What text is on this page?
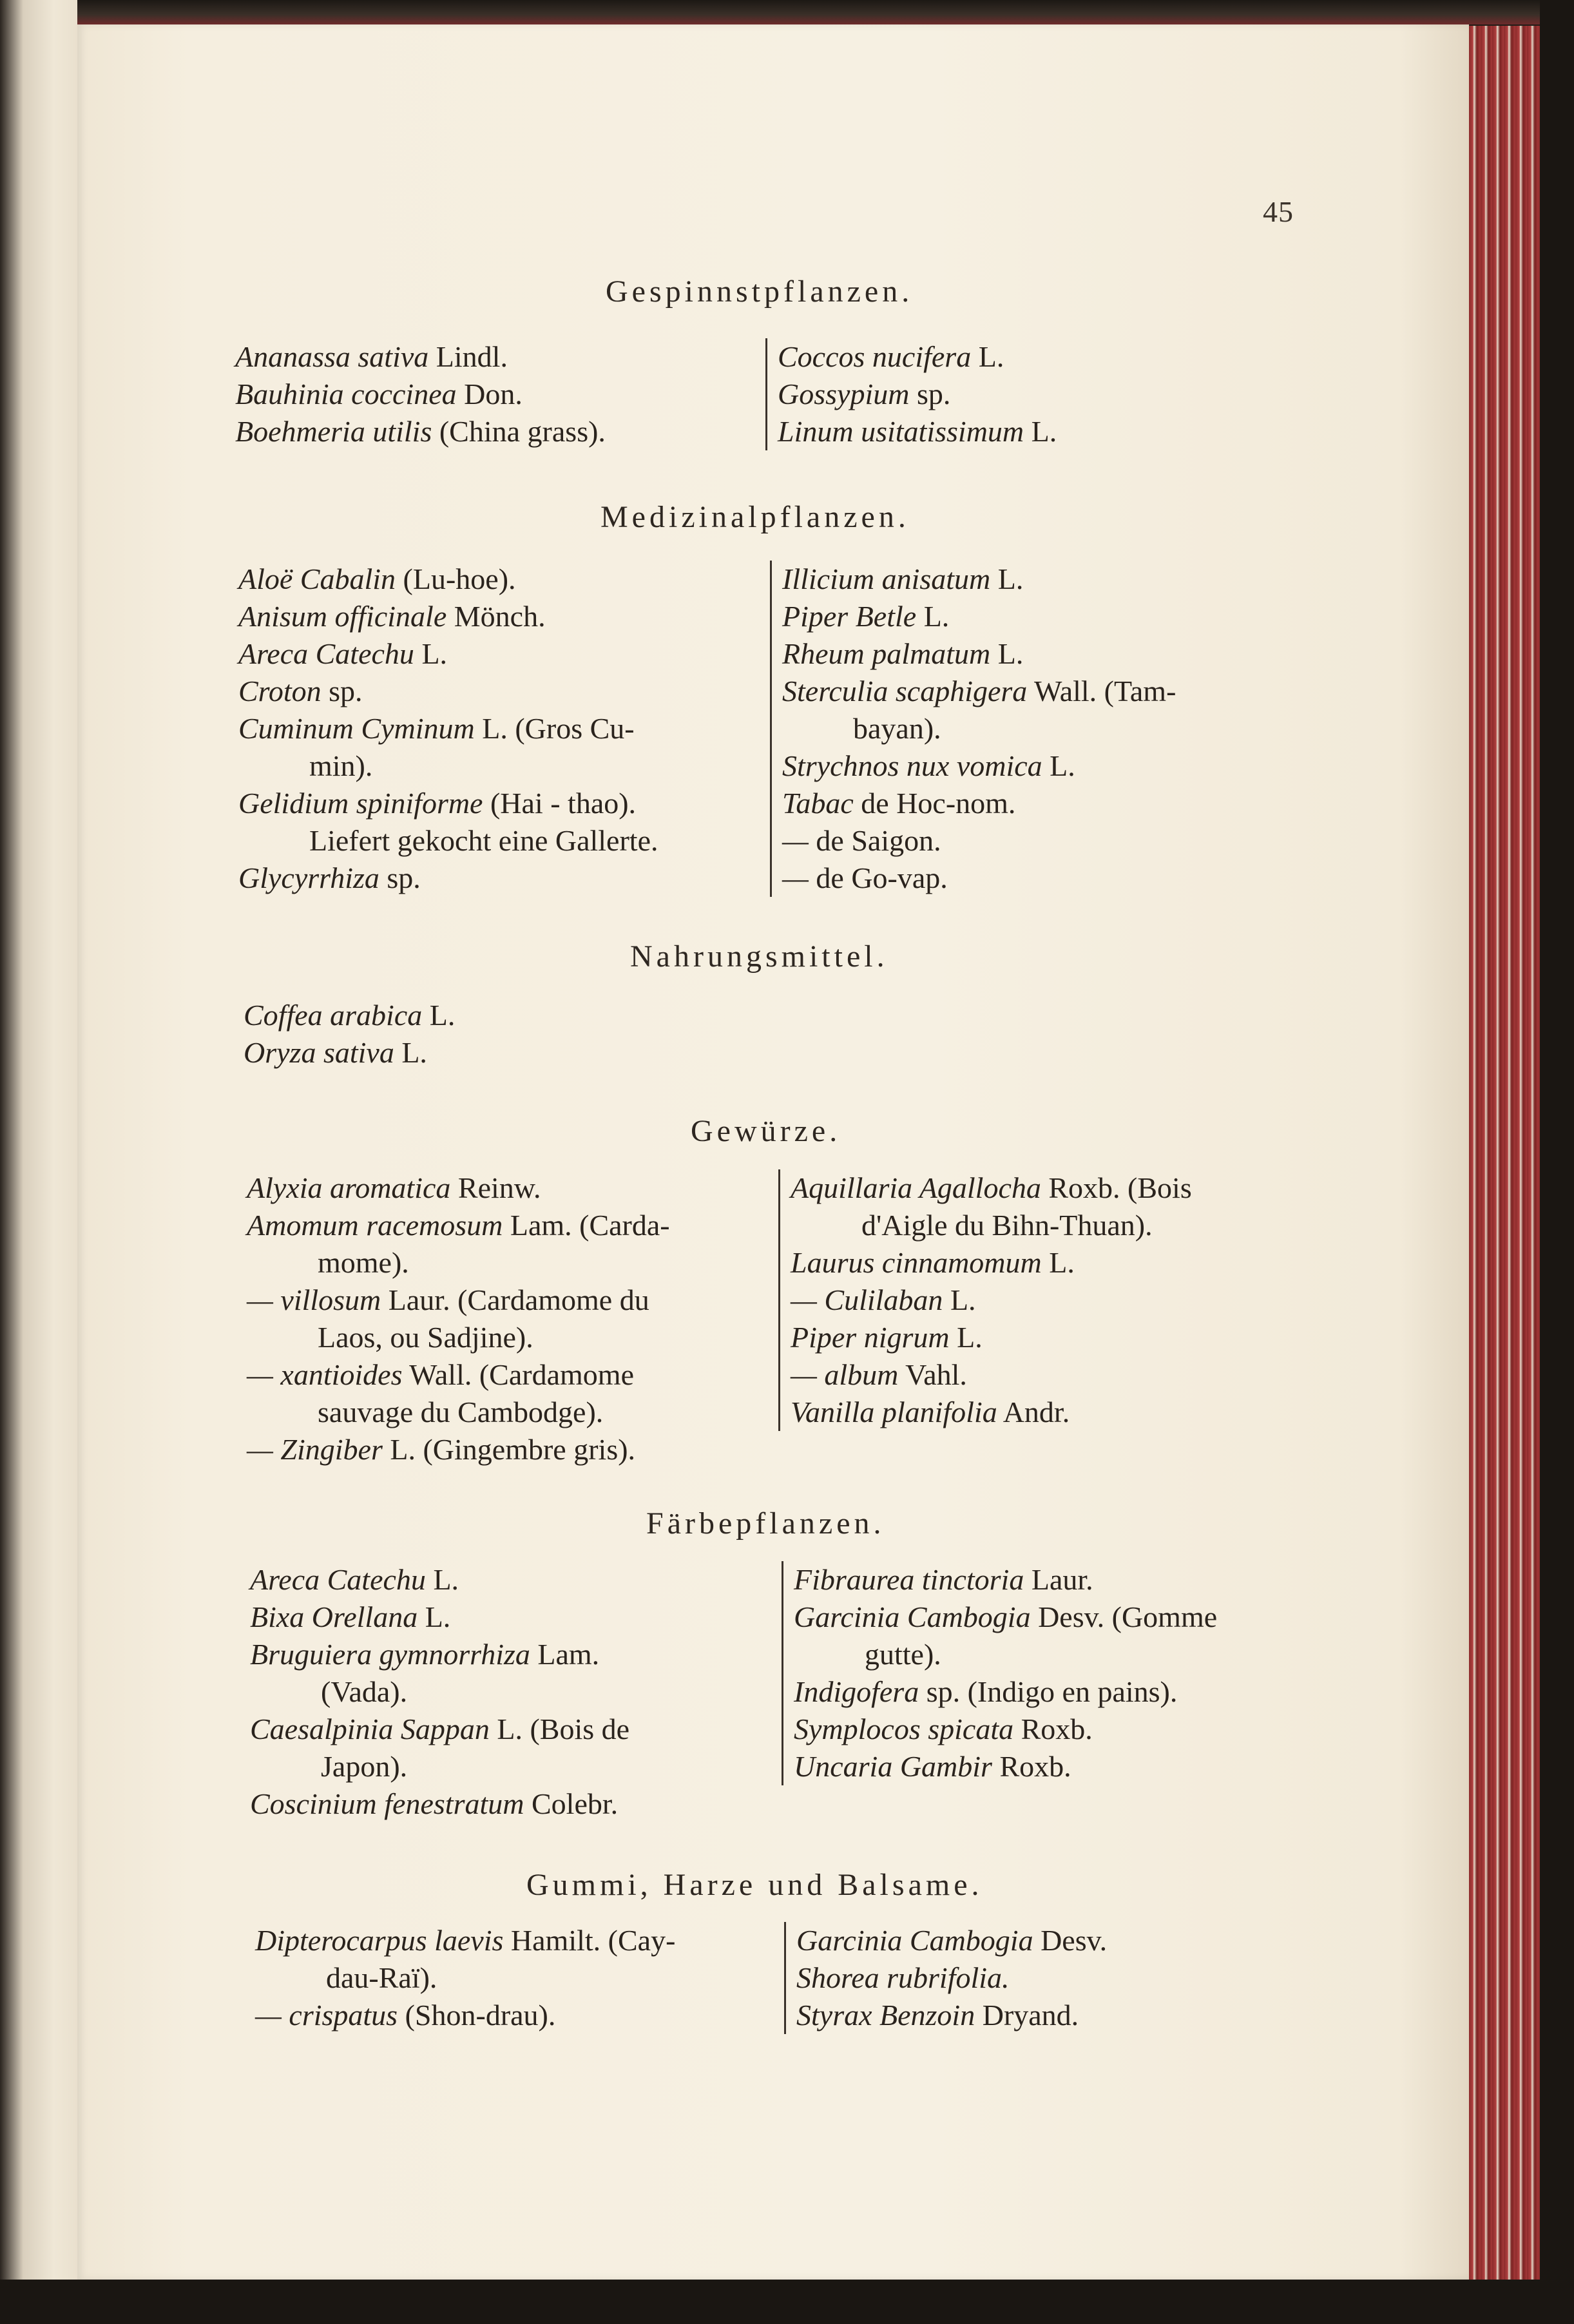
45
Gespinnstpflanzen.
Ananassa sativa Lindl.
Bauhinia coccinea Don.
Boehmeria utilis (China grass).
Coccos nucifera L.
Gossypium sp.
Linum usitatissimum L.
Medizinalpflanzen.
Aloë Cabalin (Lu-hoe).
Anisum officinale Mönch.
Areca Catechu L.
Croton sp.
Cuminum Cyminum L. (Gros Cu-
min).
Gelidium spiniforme (Hai - thao).
Liefert gekocht eine Gallerte.
Glycyrrhiza sp.
Illicium anisatum L.
Piper Betle L.
Rheum palmatum L.
Sterculia scaphigera Wall. (Tam-
bayan).
Strychnos nux vomica L.
Tabac de Hoc-nom.
— de Saigon.
— de Go-vap.
Nahrungsmittel.
Coffea arabica L.
Oryza sativa L.
Gewürze.
Alyxia aromatica Reinw.
Amomum racemosum Lam. (Carda-
mome).
— villosum Laur. (Cardamome du
Laos, ou Sadjine).
— xantioides Wall. (Cardamome
sauvage du Cambodge).
— Zingiber L. (Gingembre gris).
Aquillaria Agallocha Roxb. (Bois
d'Aigle du Bihn-Thuan).
Laurus cinnamomum L.
— Culilaban L.
Piper nigrum L.
— album Vahl.
Vanilla planifolia Andr.
Färbepflanzen.
Areca Catechu L.
Bixa Orellana L.
Bruguiera gymnorrhiza Lam.
(Vada).
Caesalpinia Sappan L. (Bois de
Japon).
Coscinium fenestratum Colebr.
Fibraurea tinctoria Laur.
Garcinia Cambogia Desv. (Gomme
gutte).
Indigofera sp. (Indigo en pains).
Symplocos spicata Roxb.
Uncaria Gambir Roxb.
Gummi, Harze und Balsame.
Dipterocarpus laevis Hamilt. (Cay-
dau-Raï).
— crispatus (Shon-drau).
Garcinia Cambogia Desv.
Shorea rubrifolia.
Styrax Benzoin Dryand.
